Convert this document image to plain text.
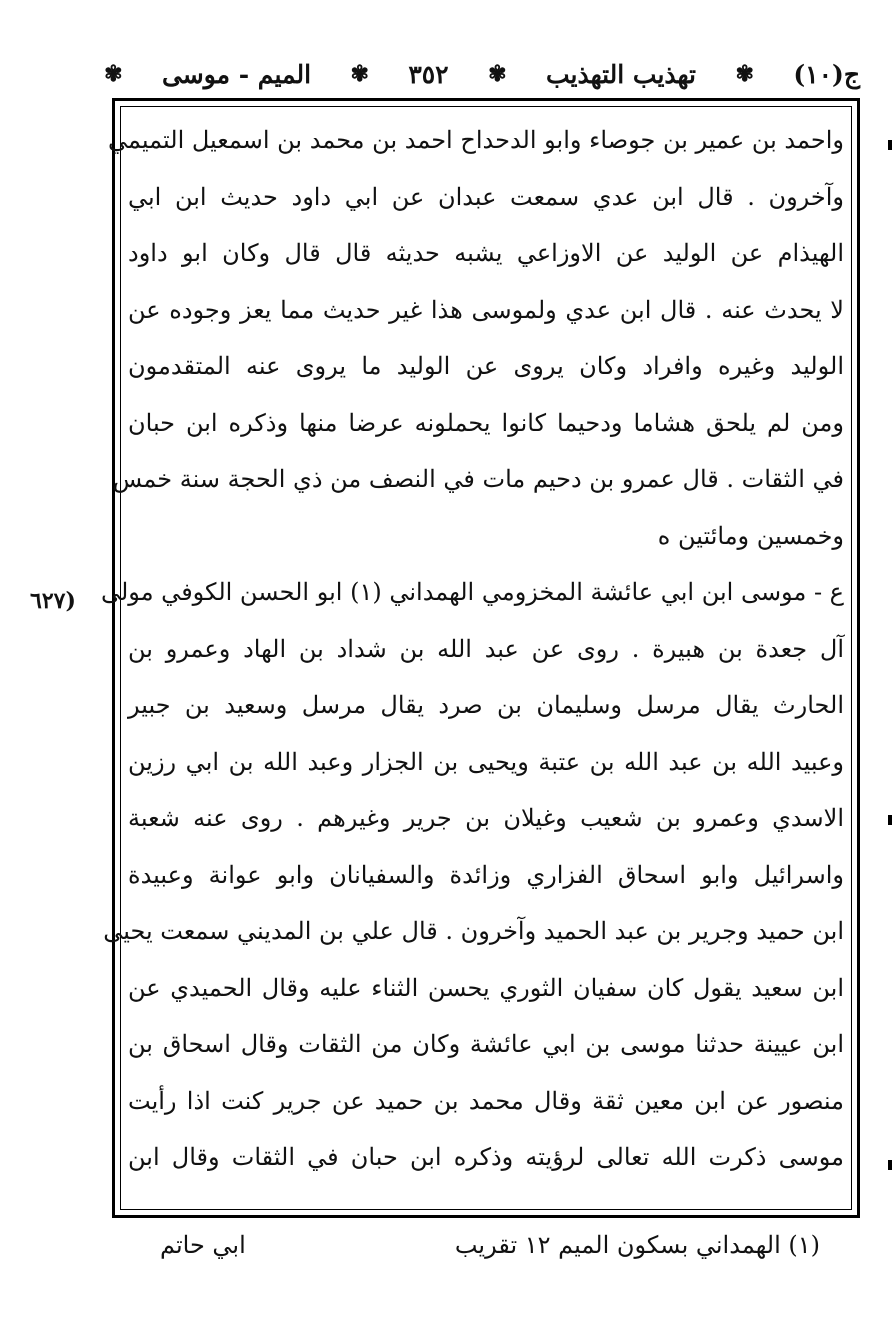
ج(١٠)
✾
تهذيب التهذيب
✾
٣٥٢
✾
الميم - موسى
✾
(٦٢٧
واحمد بن عمير بن جوصاء وابو الدحداح احمد بن محمد بن اسمعيل التميمي
وآخرون . قال ابن عدي سمعت عبدان عن ابي داود حديث ابن ابي
الهيذام عن الوليد عن الاوزاعي يشبه حديثه قال قال وكان ابو داود
لا يحدث عنه . قال ابن عدي ولموسى هذا غير حديث مما يعز وجوده عن
الوليد وغيره وافراد وكان يروى عن الوليد ما يروى عنه المتقدمون
ومن لم يلحق هشاما ودحيما كانوا يحملونه عرضا منها وذكره ابن حبان
في الثقات . قال عمرو بن دحيم مات في النصف من ذي الحجة سنة خمس
وخمسين ومائتين ه
ع - موسى ابن ابي عائشة المخزومي الهمداني (١) ابو الحسن الكوفي مولى
آل جعدة بن هبيرة . روى عن عبد الله بن شداد بن الهاد وعمرو بن
الحارث يقال مرسل وسليمان بن صرد يقال مرسل وسعيد بن جبير
وعبيد الله بن عبد الله بن عتبة ويحيى بن الجزار وعبد الله بن ابي رزين
الاسدي وعمرو بن شعيب وغيلان بن جرير وغيرهم . روى عنه شعبة
واسرائيل وابو اسحاق الفزاري وزائدة والسفيانان وابو عوانة وعبيدة
ابن حميد وجرير بن عبد الحميد وآخرون . قال علي بن المديني سمعت يحيى
ابن سعيد يقول كان سفيان الثوري يحسن الثناء عليه وقال الحميدي عن
ابن عيينة حدثنا موسى بن ابي عائشة وكان من الثقات وقال اسحاق بن
منصور عن ابن معين ثقة وقال محمد بن حميد عن جرير كنت اذا رأيت
موسى ذكرت الله تعالى لرؤيته وذكره ابن حبان في الثقات وقال ابن
(١) الهمداني بسكون الميم ١٢ تقريب
ابي حاتم
